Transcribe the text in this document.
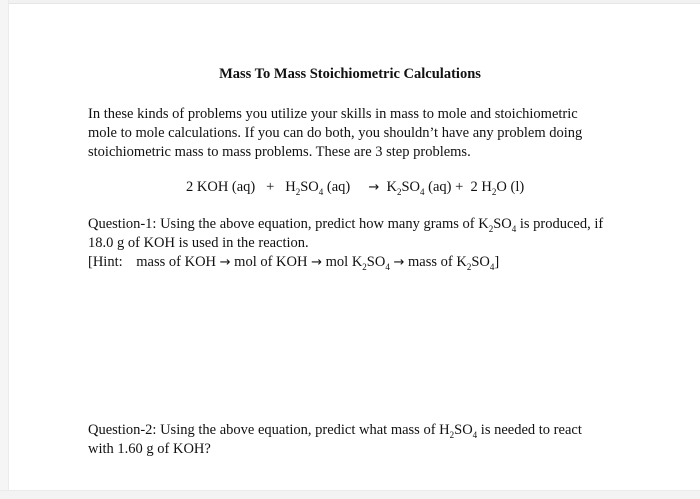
Mass To Mass Stoichiometric Calculations
In these kinds of problems you utilize your skills in mass to mole and stoichiometric
mole to mole calculations. If you can do both, you shouldn’t have any problem doing
stoichiometric mass to mass problems. These are 3 step problems.
2 KOH $(aq) + H_2SO_4$ $(aq) \to K_2SO_4$ (aq) + 2 $H_2O$ (l)
Question-1: Using the above equation, predict how many grams of $K_2SO_4$ is produced, if
18.0 g of KOH is used in the reaction.
[Hint: mass of KOH → mol of KOH → mol $K_2SO_4$ → mass of $K_2SO_4$]
Question-2: Using the above equation, predict what mass of $H_2SO_4$ is needed to react
with 1.60 g of KOH?
